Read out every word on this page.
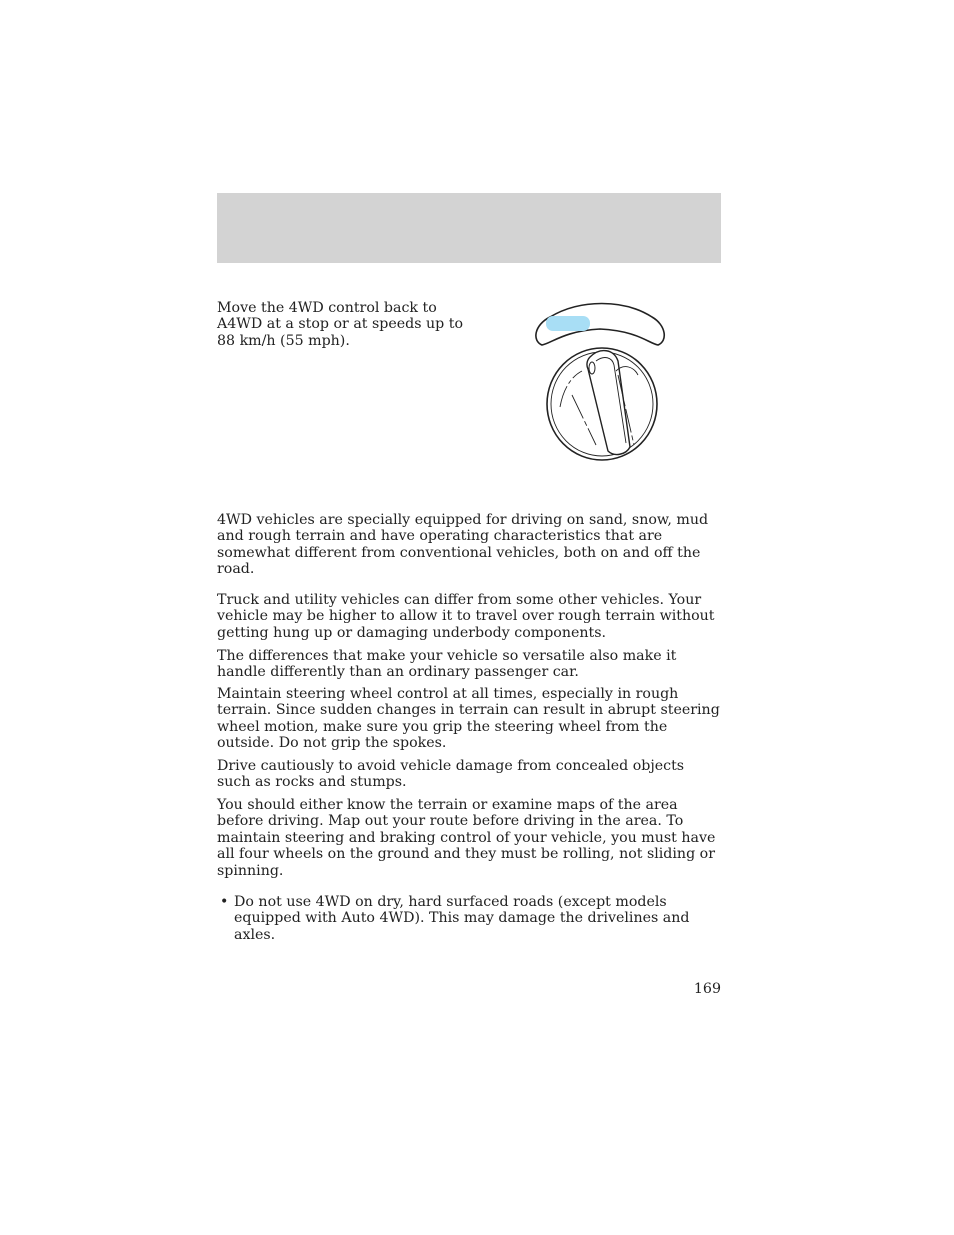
Move the 4WD control back to A4WD at a stop or at speeds up to 88 km/h (55 mph).

4WD vehicles are specially equipped for driving on sand, snow, mud and rough terrain and have operating characteristics that are somewhat different from conventional vehicles, both on and off the road.

Truck and utility vehicles can differ from some other vehicles. Your vehicle may be higher to allow it to travel over rough terrain without getting hung up or damaging underbody components.

The differences that make your vehicle so versatile also make it handle differently than an ordinary passenger car.

Maintain steering wheel control at all times, especially in rough terrain. Since sudden changes in terrain can result in abrupt steering wheel motion, make sure you grip the steering wheel from the outside. Do not grip the spokes.

Drive cautiously to avoid vehicle damage from concealed objects such as rocks and stumps.

You should either know the terrain or examine maps of the area before driving. Map out your route before driving in the area. To maintain steering and braking control of your vehicle, you must have all four wheels on the ground and they must be rolling, not sliding or spinning.

• Do not use 4WD on dry, hard surfaced roads (except models equipped with Auto 4WD). This may damage the drivelines and axles.
169
